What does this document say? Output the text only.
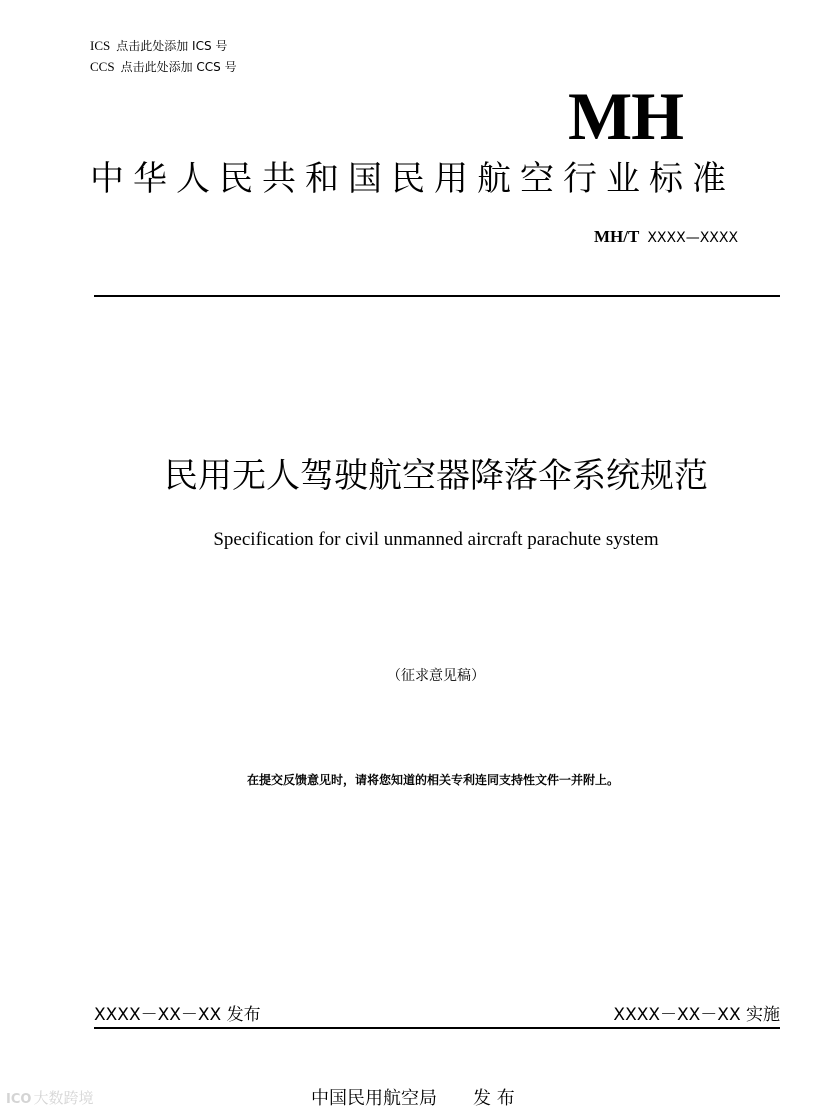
ICS 点击此处添加 ICS 号
CCS 点击此处添加 CCS 号
MH
中华人民共和国民用航空行业标准
MH/T XXXX—XXXX
民用无人驾驶航空器降落伞系统规范
Specification for civil unmanned aircraft parachute system
（征求意见稿）
在提交反馈意见时，请将您知道的相关专利连同支持性文件一并附上。
XXXX－XX－XX 发布	XXXX－XX－XX 实施
中国民用航空局 发 布
ICO 大数跨境
